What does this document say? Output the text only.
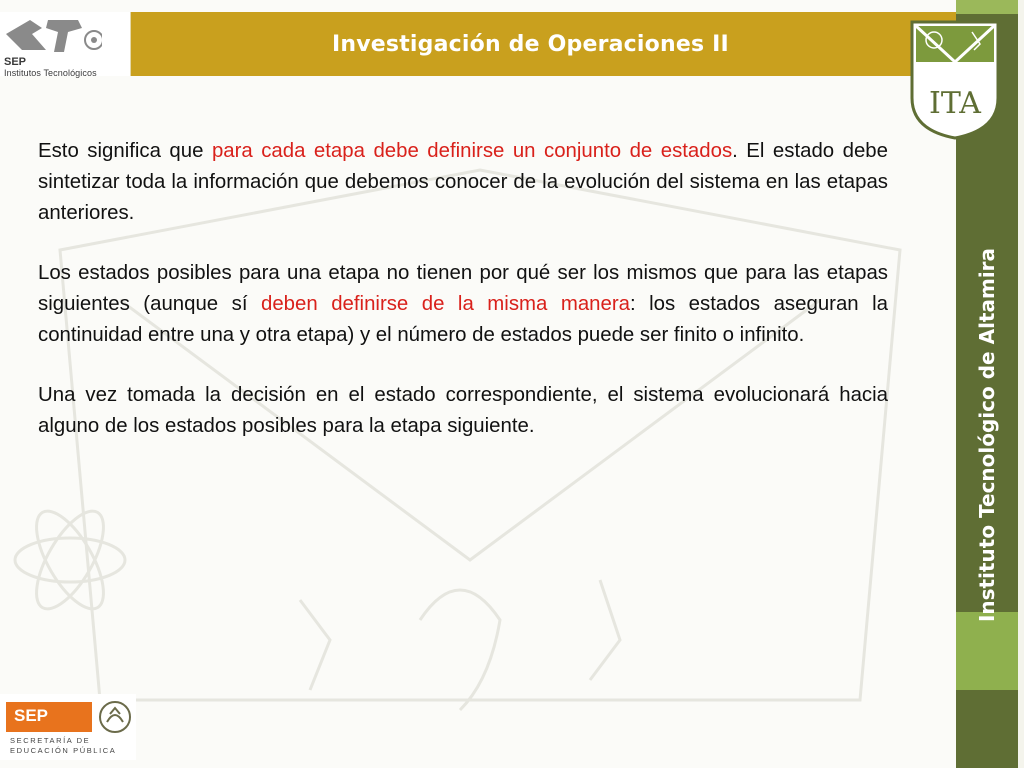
SEP
Institutos Tecnológicos
Investigación de Operaciones II
Instituto Tecnológico de Altamira
ITA

Esto significa que para cada etapa debe definirse un conjunto de estados. El estado debe sintetizar toda la información que debemos conocer de la evolución del sistema en las etapas anteriores.

Los estados posibles para una etapa no tienen por qué ser los mismos que para las etapas siguientes (aunque sí deben definirse de la misma manera: los estados aseguran la continuidad entre una y otra etapa) y el número de estados puede ser finito o infinito.

Una vez tomada la decisión en el estado correspondiente, el sistema evolucionará hacia alguno de los estados posibles para la etapa siguiente.

SEP
SECRETARÍA DE
EDUCACIÓN PÚBLICA
